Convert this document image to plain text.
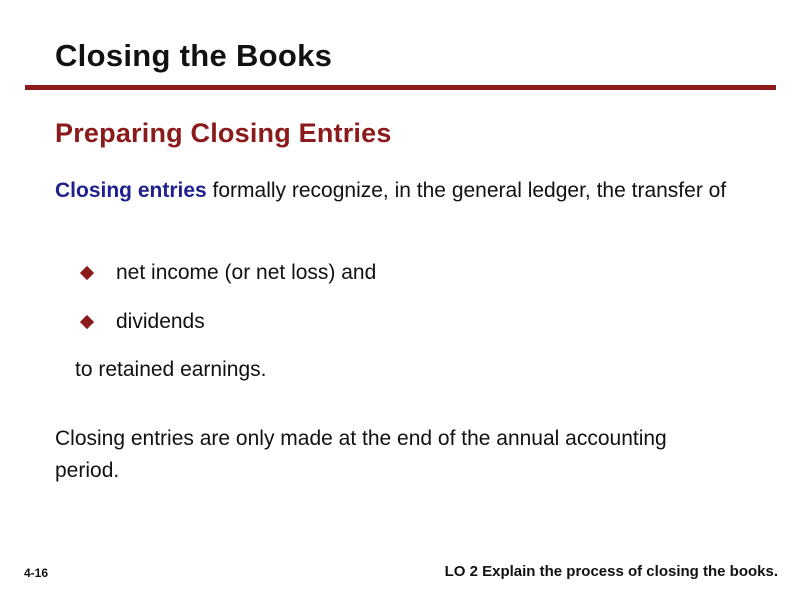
Closing the Books
Preparing Closing Entries

Closing entries formally recognize, in the general ledger, the transfer of

net income (or net loss) and
dividends

to retained earnings.

Closing entries are only made at the end of the annual accounting period.

4-16	LO 2 Explain the process of closing the books.
